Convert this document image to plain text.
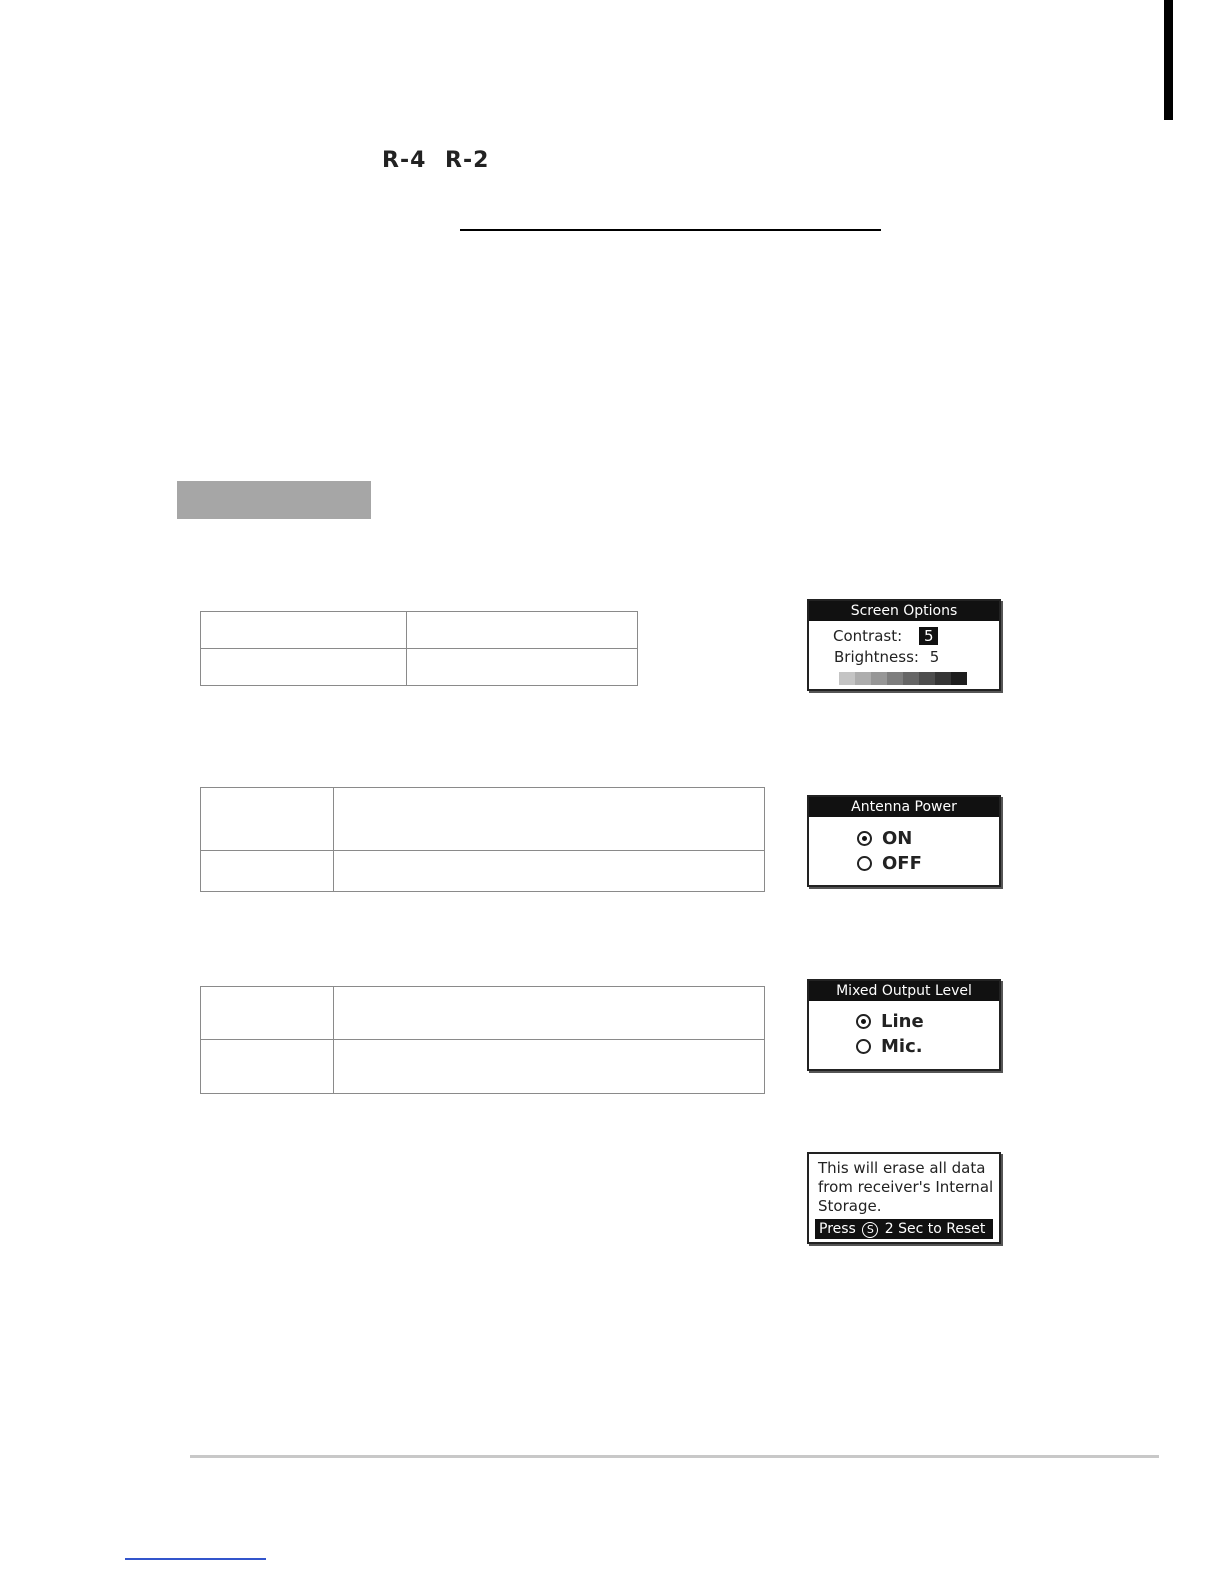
R-4 R-2

Screen Options
Contrast: 5
Brightness: 5
Antenna Power
ON
OFF
Mixed Output Level
Line
Mic.
This will erase all data
from receiver's Internal
Storage.
Press S 2 Sec to Reset
